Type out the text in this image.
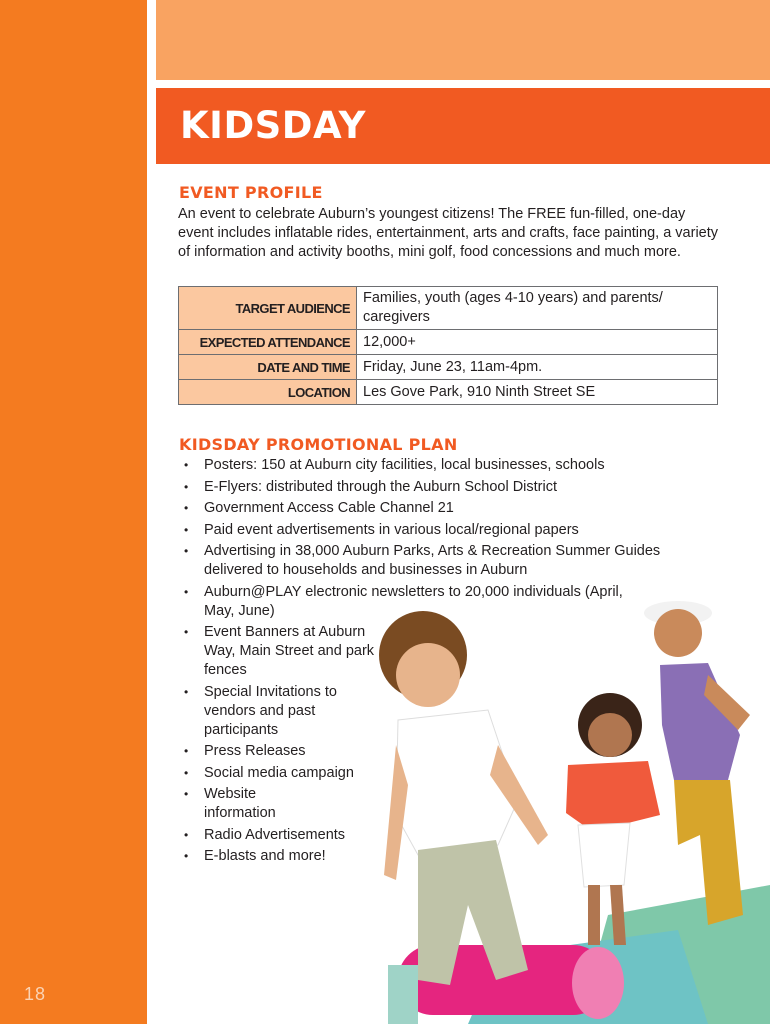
KIDSDAY
EVENT PROFILE

An event to celebrate Auburn’s youngest citizens! The FREE fun-filled, one-day event includes inflatable rides, entertainment, arts and crafts, face painting, a variety of information and activity booths, mini golf, food concessions and much more.

TARGET AUDIENCE	Families, youth (ages 4-10 years) and parents/ caregivers
EXPECTED ATTENDANCE	12,000+
DATE AND TIME	Friday, June 23, 11am-4pm.
LOCATION	Les Gove Park, 910 Ninth Street SE
KIDSDAY PROMOTIONAL PLAN
• Posters: 150 at Auburn city facilities, local businesses, schools
• E-Flyers: distributed through the Auburn School District
• Government Access Cable Channel 21
• Paid event advertisements in various local/regional papers
• Advertising in 38,000 Auburn Parks, Arts & Recreation Summer Guides delivered to households and businesses in Auburn
• Auburn@PLAY electronic newsletters to 20,000 individuals (April, May, June)
• Event Banners at Auburn Way, Main Street and park fences
• Special Invitations to vendors and past participants
• Press Releases
• Social media campaign
• Website information
• Radio Advertisements
• E-blasts and more!
18
